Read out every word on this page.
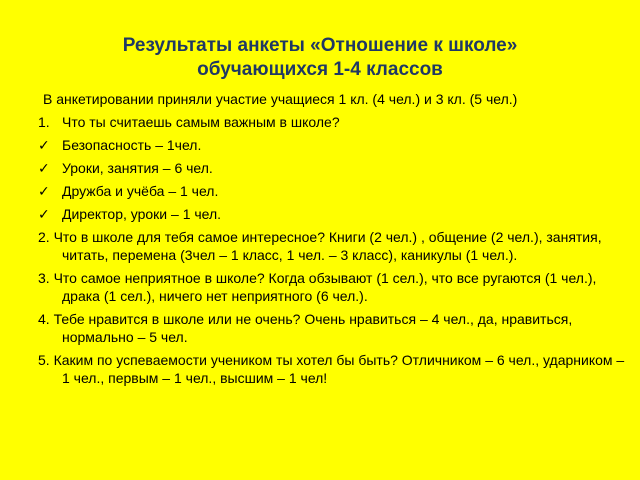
Результаты анкеты «Отношение к школе»
обучающихся 1-4 классов
В анкетировании приняли участие учащиеся 1 кл. (4 чел.) и 3 кл. (5 чел.)
1. Что ты считаешь самым важным в школе?
✓ Безопасность – 1чел.
✓ Уроки, занятия – 6 чел.
✓ Дружба и учёба – 1 чел.
✓ Директор, уроки – 1 чел.
2. Что в школе для тебя самое интересное? Книги (2 чел.) , общение (2 чел.), занятия, читать, перемена (3чел – 1 класс, 1 чел. – 3 класс), каникулы (1 чел.).
3. Что самое неприятное в школе? Когда обзывают (1 сел.), что все ругаются (1 чел.), драка (1 сел.), ничего нет неприятного (6 чел.).
4. Тебе нравится в школе или не очень? Очень нравиться – 4 чел., да, нравиться, нормально – 5 чел.
5. Каким по успеваемости учеником ты хотел бы быть? Отличником – 6 чел., ударником – 1 чел., первым – 1 чел., высшим – 1 чел!
